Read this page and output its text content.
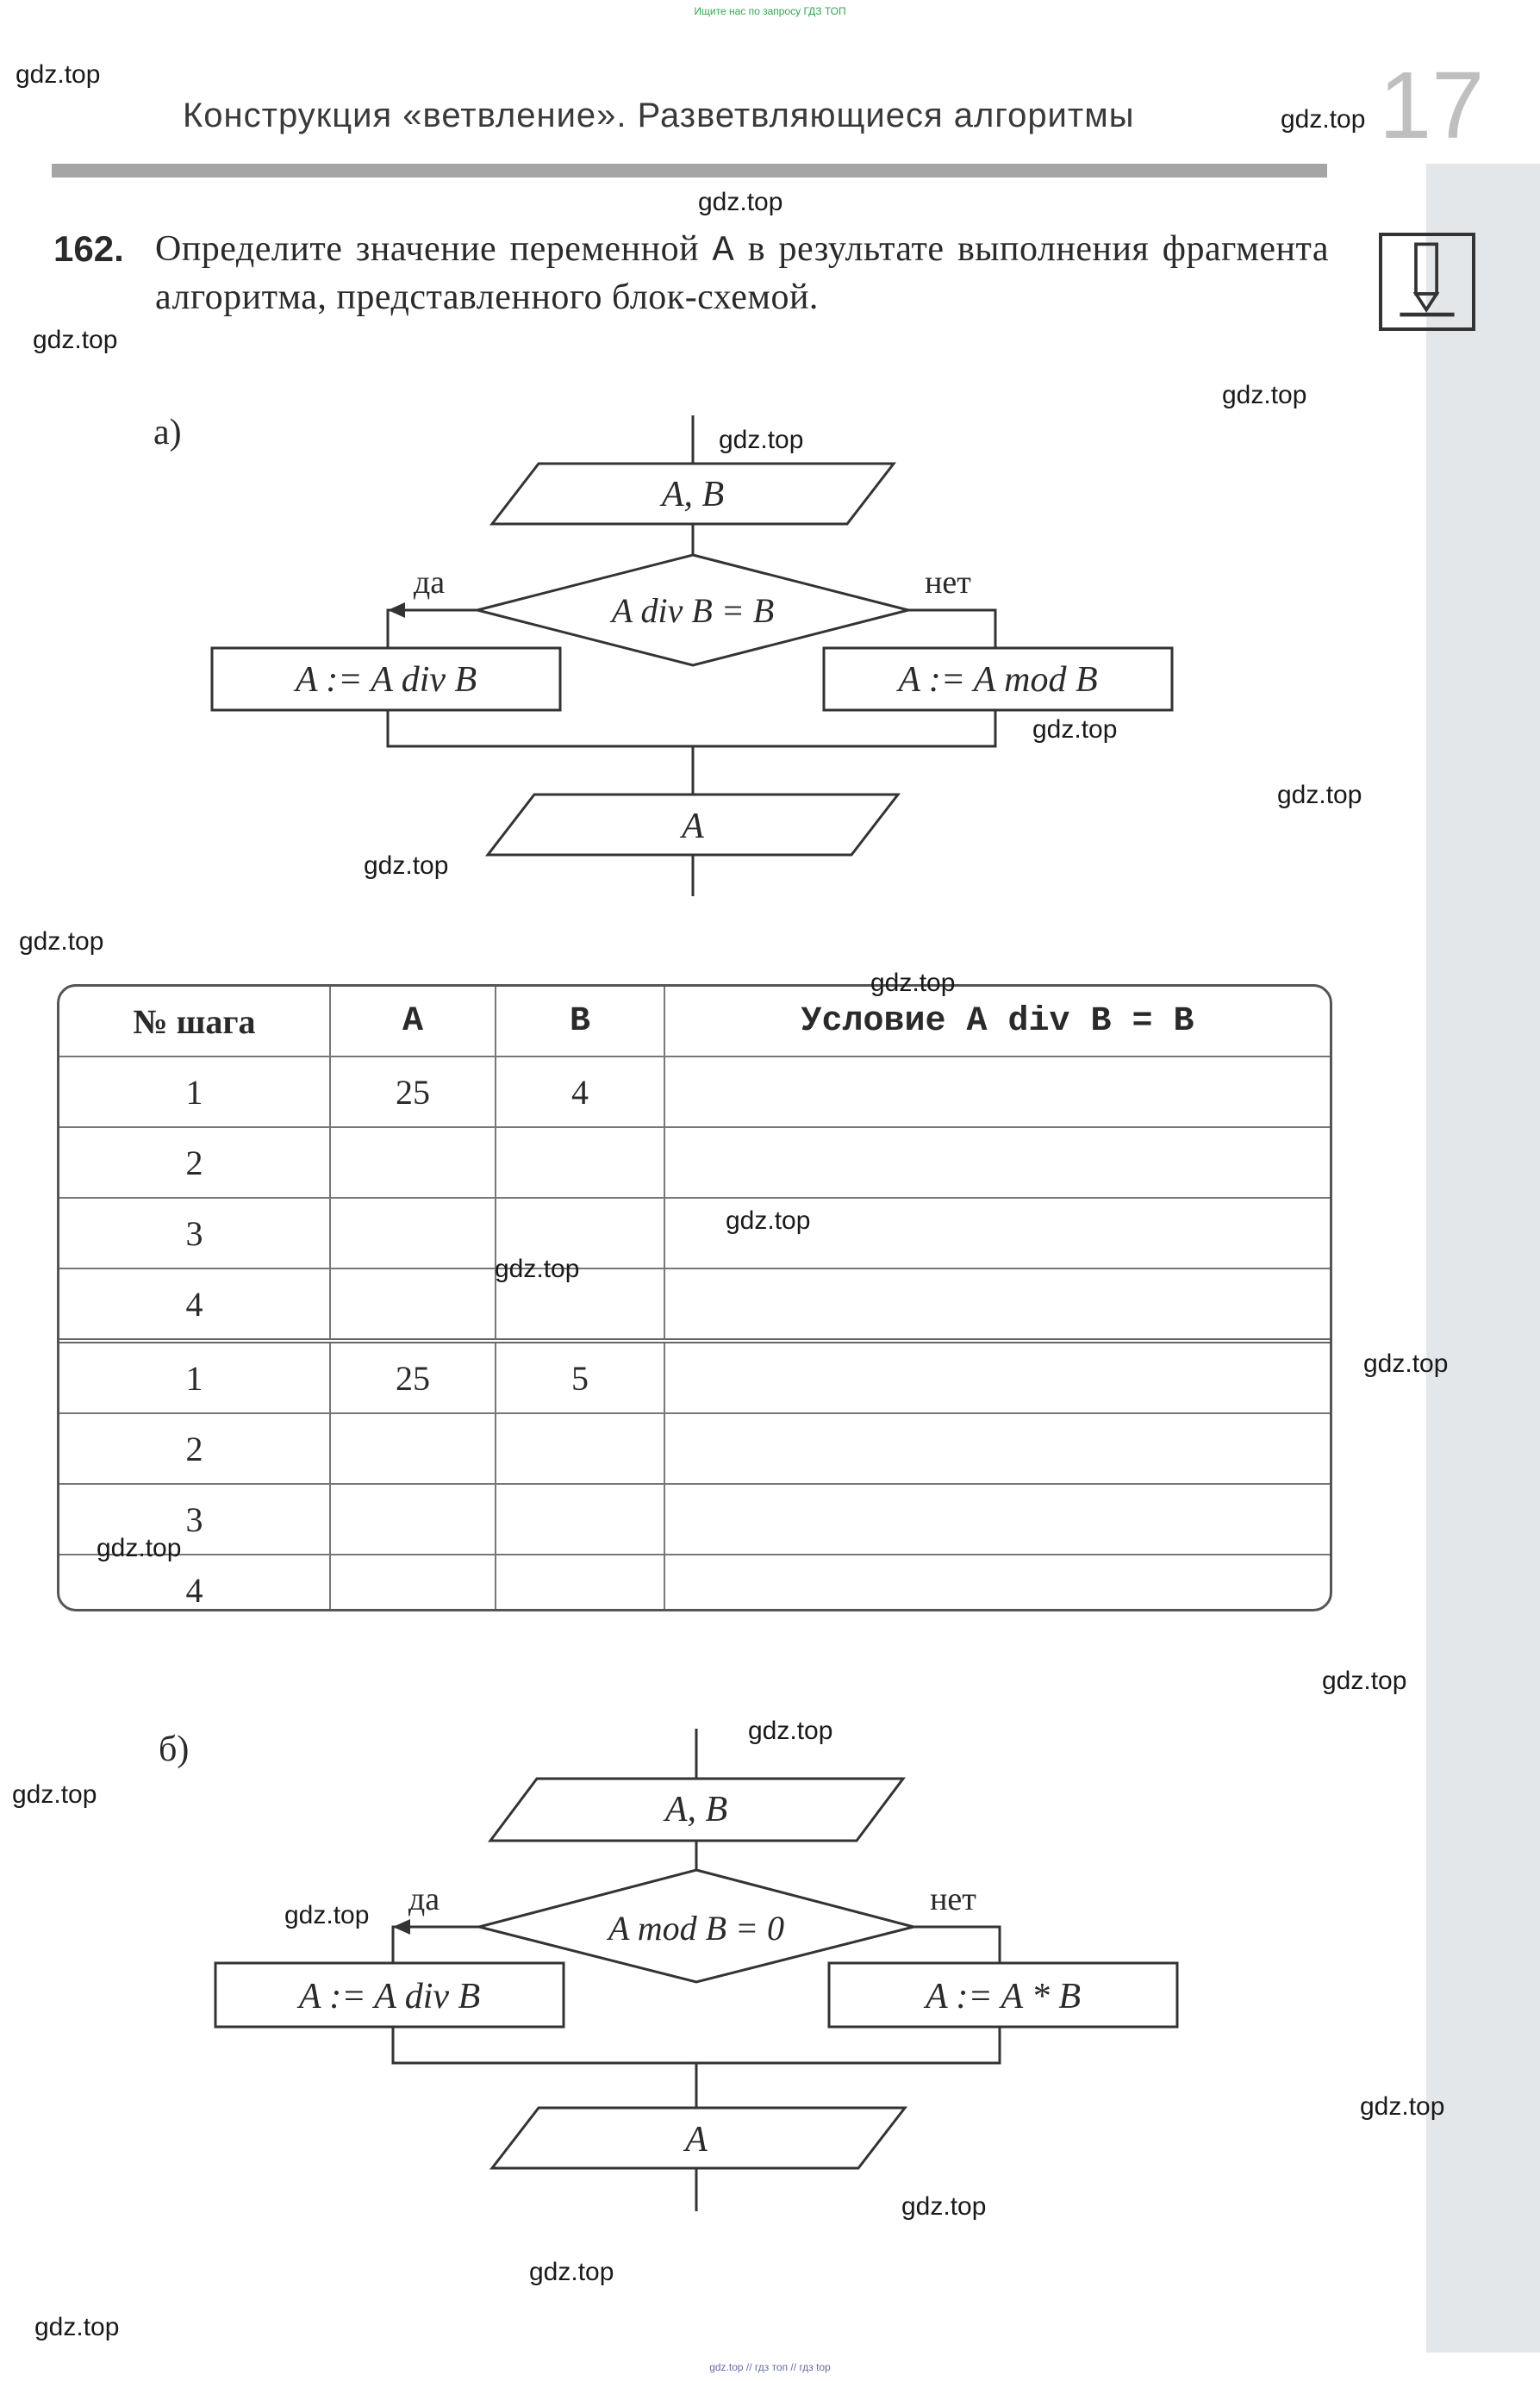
Ищите нас по запросу ГДЗ ТОП
Конструкция «ветвление». Разветвляющиеся алгоритмы	17
162. Определите значение переменной A в результате выполнения фрагмента алгоритма, представленного блок-схемой.
а)
A, B
A div B = B
да	нет
A := A div B	A := A mod B
A
№ шага	A	B	Условие A div B = B
1	25	4	
2			
3			
4			
1	25	5	
2			
3			
4			
б)
A, B
A mod B = 0
да	нет
A := A div B	A := A * B
A
gdz.top
gdz.top
gdz.top
gdz.top
gdz.top
gdz.top
gdz.top
gdz.top
gdz.top
gdz.top
gdz.top
gdz.top
gdz.top
gdz.top
gdz.top
gdz.top
gdz.top
gdz.top
gdz.top
gdz.top
gdz.top
gdz.top
gdz.top
gdz.top // гдз топ // гдз top
